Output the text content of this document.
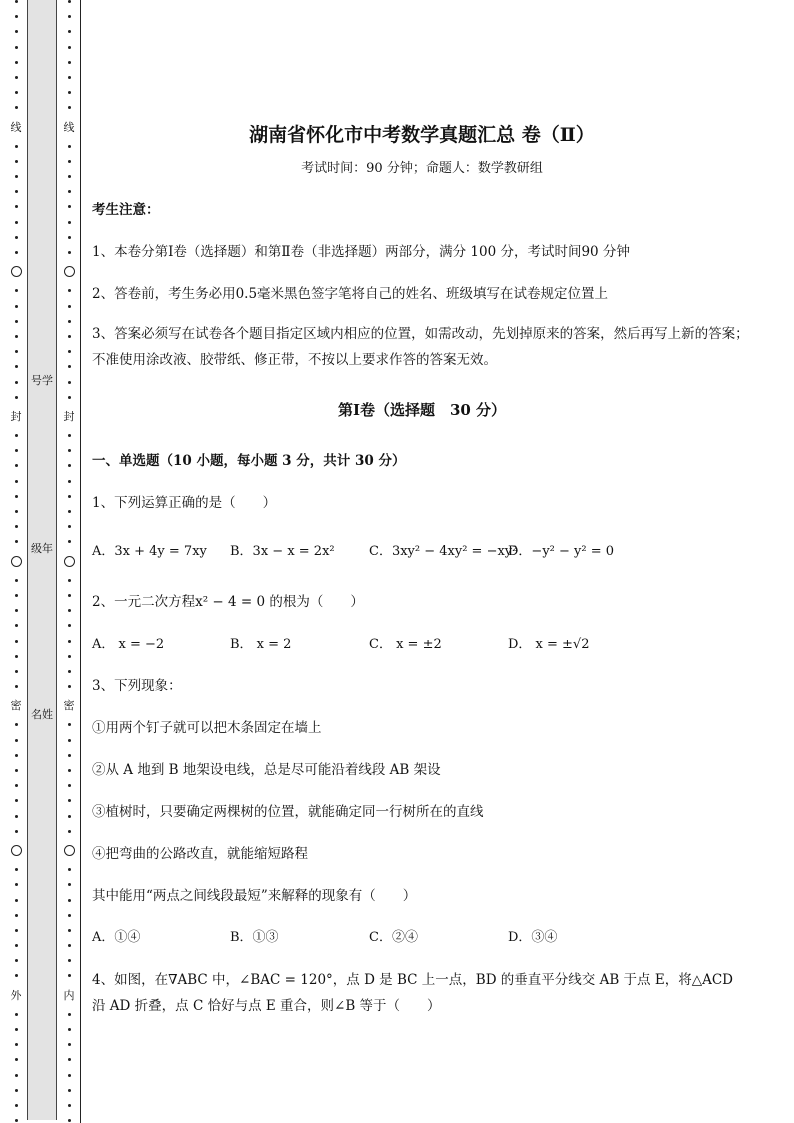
线
封
密
外
号学
级年
名姓
线
封
密
内
湖南省怀化市中考数学真题汇总 卷（Ⅱ）
考试时间：90 分钟；命题人：数学教研组
考生注意：
1、本卷分第Ⅰ卷（选择题）和第Ⅱ卷（非选择题）两部分，满分 100 分，考试时间90 分钟
2、答卷前，考生务必用0.5毫米黑色签字笔将自己的姓名、班级填写在试卷规定位置上
3、答案必须写在试卷各个题目指定区域内相应的位置，如需改动，先划掉原来的答案，然后再写上新的答案；不准使用涂改液、胶带纸、修正带，不按以上要求作答的答案无效。
第Ⅰ卷（选择题　30 分）
一、单选题（10 小题，每小题 3 分，共计 30 分）
1、下列运算正确的是（　　）
A．3x + 4y = 7xy B．3x − x = 2x²	C．3xy² − 4xy² = −xy²
D．−y² − y² = 0
2、一元二次方程x² − 4 = 0 的根为（　　）
A． x = −2	B． x = 2	C． x = ±2	D． x = ±√2
3、下列现象：
①用两个钉子就可以把木条固定在墙上
②从 A 地到 B 地架设电线，总是尽可能沿着线段 AB 架设
③植树时，只要确定两棵树的位置，就能确定同一行树所在的直线
④把弯曲的公路改直，就能缩短路程
其中能用“两点之间线段最短”来解释的现象有（　　）
A．①④	B．①③	C．②④	D．③④
4、如图，在∇ABC 中，∠BAC = 120°，点 D 是 BC 上一点，BD 的垂直平分线交 AB 于点 E，将△ACD
沿 AD 折叠，点 C 恰好与点 E 重合，则∠B 等于（　　）
